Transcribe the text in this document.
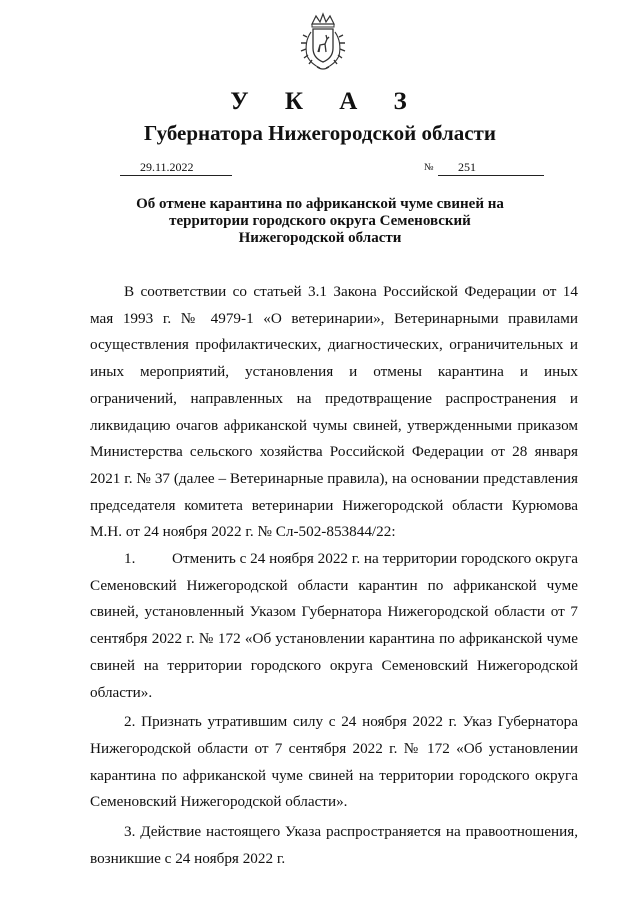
У К А З
Губернатора Нижегородской области
29.11.2022	№	251
Об отмене карантина по африканской чуме свиней на
территории городского округа Семеновский
Нижегородской области

В соответствии со статьей 3.1 Закона Российской Федерации от 14 мая 1993 г. № 4979-1 «О ветеринарии», Ветеринарными правилами осуществления профилактических, диагностических, ограничительных и иных мероприятий, установления и отмены карантина и иных ограничений, направленных на предотвращение распространения и ликвидацию очагов африканской чумы свиней, утвержденными приказом Министерства сельского хозяйства Российской Федерации от 28 января 2021 г. № 37 (далее – Ветеринарные правила), на основании представления председателя комитета ветеринарии Нижегородской области Курюмова М.Н. от 24 ноября 2022 г. № Сл-502-853844/22:

1. Отменить с 24 ноября 2022 г. на территории городского округа Семеновский Нижегородской области карантин по африканской чуме свиней, установленный Указом Губернатора Нижегородской области от 7 сентября 2022 г. № 172 «Об установлении карантина по африканской чуме свиней на территории городского округа Семеновский Нижегородской области».

2. Признать утратившим силу с 24 ноября 2022 г. Указ Губернатора Нижегородской области от 7 сентября 2022 г. № 172 «Об установлении карантина по африканской чуме свиней на территории городского округа Семеновский Нижегородской области».

3. Действие настоящего Указа распространяется на правоотношения, возникшие с 24 ноября 2022 г.
